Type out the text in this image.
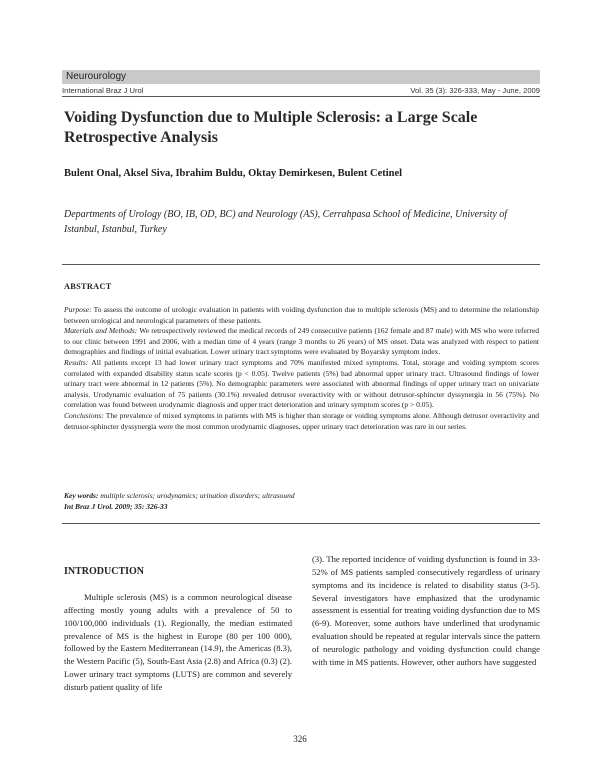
Neurourology
International Braz J Urol	Vol. 35 (3): 326-333, May - June, 2009
Voiding Dysfunction due to Multiple Sclerosis: a Large Scale Retrospective Analysis
Bulent Onal, Aksel Siva, Ibrahim Buldu, Oktay Demirkesen, Bulent Cetinel
Departments of Urology (BO, IB, OD, BC) and Neurology (AS), Cerrahpasa School of Medicine, University of Istanbul, Istanbul, Turkey
ABSTRACT

Purpose: To assess the outcome of urologic evaluation in patients with voiding dysfunction due to multiple sclerosis (MS) and to determine the relationship between urological and neurological parameters of these patients.

Materials and Methods: We retrospectively reviewed the medical records of 249 consecutive patients (162 female and 87 male) with MS who were referred to our clinic between 1991 and 2006, with a median time of 4 years (range 3 months to 26 years) of MS onset. Data was analyzed with respect to patient demographies and findings of initial evaluation. Lower urinary tract symptoms were evaluated by Boyarsky symptom index.

Results: All patients except 13 had lower urinary tract symptoms and 70% manifested mixed symptoms. Total, storage and voiding symptom scores correlated with expanded disability status scale scores (p < 0.05). Twelve patients (5%) had abnormal upper urinary tract. Ultrasound findings of lower urinary tract were abnormal in 12 patients (5%). No demographic parameters were associated with abnormal findings of upper urinary tract on univariate analysis. Urodynamic evaluation of 75 patients (30.1%) revealed detrusor overactivity with or without detrusor-sphincter dyssynergia in 56 (75%). No correlation was found between urodynamic diagnosis and upper tract deterioration and urinary symptom scores (p > 0.05).

Conclusions: The prevalence of mixed symptoms in patients with MS is higher than storage or voiding symptoms alone. Although detrusor overactivity and detrusor-sphincter dyssynergia were the most common urodynamic diagnoses, upper urinary tract deterioration was rare in our series.

Key words: multiple sclerosis; urodynamics; urination disorders; ultrasound
Int Braz J Urol. 2009; 35: 326-33
INTRODUCTION

Multiple sclerosis (MS) is a common neurological disease affecting mostly young adults with a prevalence of 50 to 100/100,000 individuals (1). Regionally, the median estimated prevalence of MS is the highest in Europe (80 per 100 000), followed by the Eastern Mediterranean (14.9), the Americas (8.3), the Western Pacific (5), South-East Asia (2.8) and Africa (0.3) (2). Lower urinary tract symptoms (LUTS) are common and severely disturb patient quality of life

(3). The reported incidence of voiding dysfunction is found in 33-52% of MS patients sampled consecutively regardless of urinary symptoms and its incidence is related to disability status (3-5). Several investigators have emphasized that the urodynamic assessment is essential for treating voiding dysfunction due to MS (6-9). Moreover, some authors have underlined that urodynamic evaluation should be repeated at regular intervals since the pattern of neurologic pathology and voiding dysfunction could change with time in MS patients. However, other authors have suggested

326
